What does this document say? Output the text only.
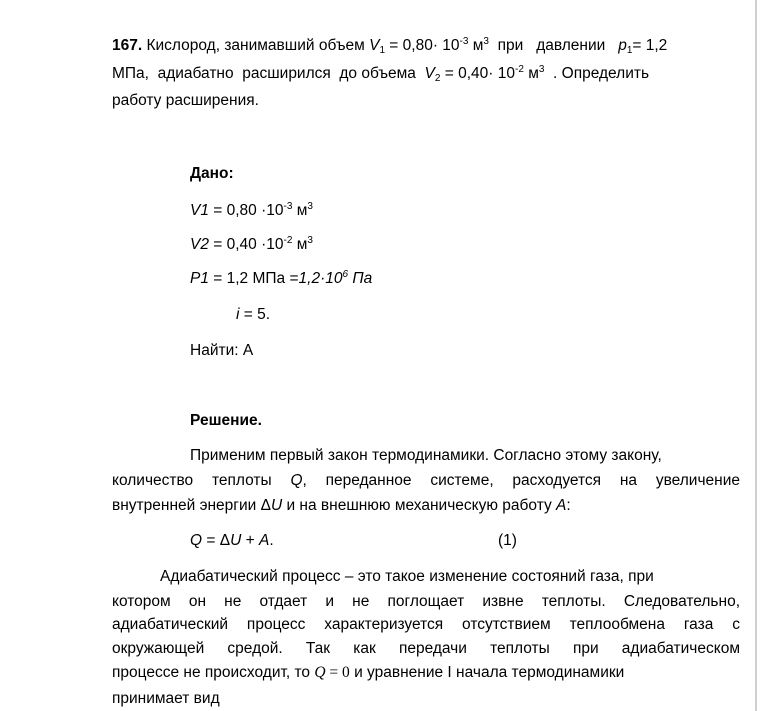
167. Кислород, занимавший объем $V_1 = 0,80\cdot 10^{-3}$ $м^3$  при   давлении   $p_1= 1,2$
МПа,  адиабатно  расширился  до объема  $V_2 = 0,40\cdot 10^{-2}$ $м^3$  . Определить
работу расширения.
Дано:
$V1 = 0,80 \cdot 10^{-3}$ $м^3$
$V2 = 0,40 \cdot 10^{-2}$ $м^3$
P1 = 1,2 МПа $=1,2\cdot 10^6$ Па
i = 5.
Найти: А
Решение.
Применим первый закон термодинамики. Согласно этому закону,
количество теплоты Q, переданное системе, расходуется на увеличение
внутренней энергии ΔU и на внешнюю механическую работу A:
Q = ΔU + A.	(1)
Адиабатический процесс – это такое изменение состояний газа, при
котором он не отдает и не поглощает извне теплоты. Следовательно,
адиабатический процесс характеризуется отсутствием теплообмена газа с
окружающей средой. Так как передачи теплоты при адиабатическом
процессе не происходит, то Q = 0 и уравнение I начала термодинамики
принимает вид
